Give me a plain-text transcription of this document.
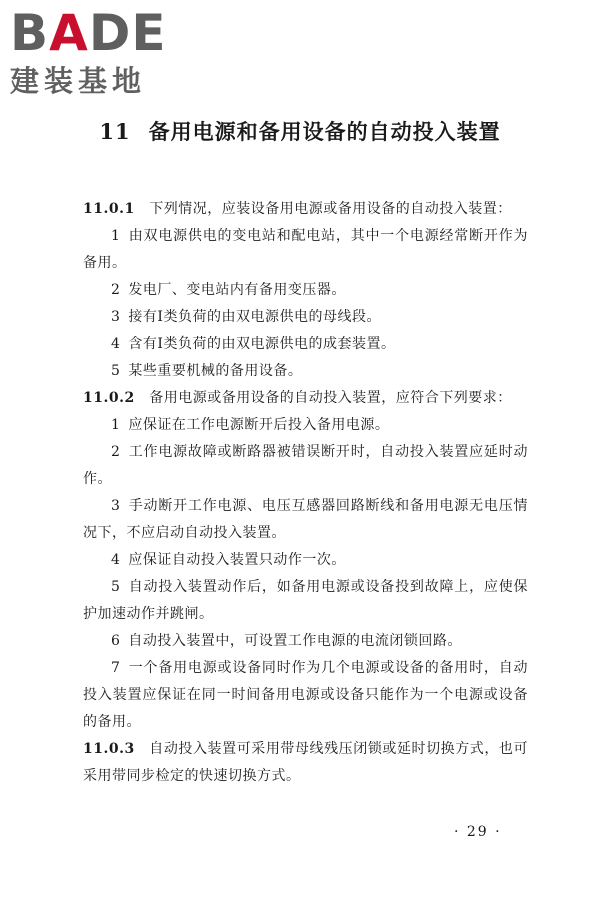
BADE
建装基地
11 备用电源和备用设备的自动投入装置

11.0.1  下列情况，应装设备用电源或备用设备的自动投入装置：

1 由双电源供电的变电站和配电站，其中一个电源经常断开作为备用。

2 发电厂、变电站内有备用变压器。

3 接有Ⅰ类负荷的由双电源供电的母线段。

4 含有Ⅰ类负荷的由双电源供电的成套装置。

5 某些重要机械的备用设备。

11.0.2  备用电源或备用设备的自动投入装置，应符合下列要求：

1 应保证在工作电源断开后投入备用电源。

2 工作电源故障或断路器被错误断开时，自动投入装置应延时动作。

3 手动断开工作电源、电压互感器回路断线和备用电源无电压情况下，不应启动自动投入装置。

4 应保证自动投入装置只动作一次。

5 自动投入装置动作后，如备用电源或设备投到故障上，应使保护加速动作并跳闸。

6 自动投入装置中，可设置工作电源的电流闭锁回路。

7 一个备用电源或设备同时作为几个电源或设备的备用时，自动投入装置应保证在同一时间备用电源或设备只能作为一个电源或设备的备用。

11.0.3  自动投入装置可采用带母线残压闭锁或延时切换方式，也可采用带同步检定的快速切换方式。

· 29 ·
